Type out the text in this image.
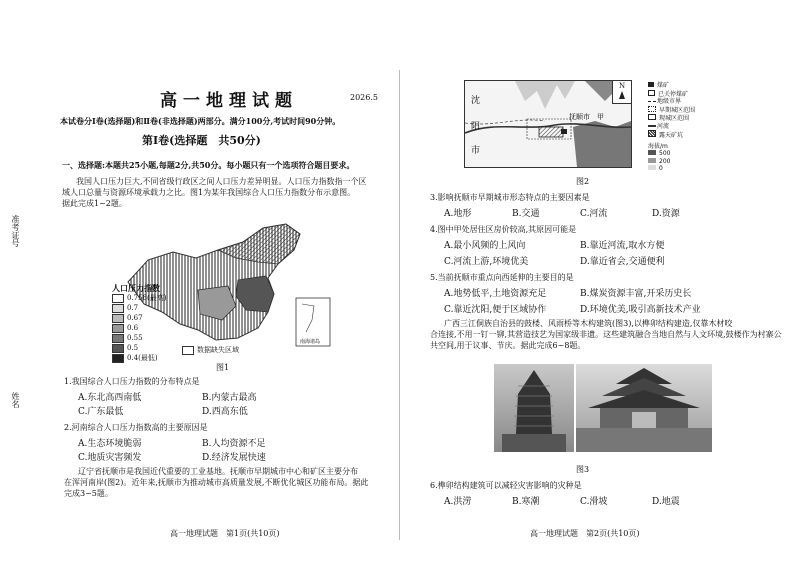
准考证号
姓名
高一地理试题	2026.5
本试卷分Ⅰ卷(选择题)和Ⅱ卷(非选择题)两部分。满分100分,考试时间90分钟。
第Ⅰ卷(选择题　共50分)
一、选择题:本题共25小题,每题2分,共50分。每小题只有一个选项符合题目要求。
我国人口压力巨大,不同省级行政区之间人口压力差异明显。人口压力指数指一个区
域人口总量与资源环境承载力之比。图1为某年我国综合人口压力指数分布示意图。
据此完成1~2题。
南海诸岛
人口压力指数
0.758(最高)
0.7
0.67
0.6
0.55
0.5
0.4(最低)
数据缺失区域
图1
1.我国综合人口压力指数的分布特点是
A.东北高西南低	B.内蒙古最高
C.广东最低	D.西高东低
2.河南综合人口压力指数高的主要原因是
A.生态环境脆弱	B.人均资源不足
C.地质灾害频发	D.经济发展快速
辽宁省抚顺市是我国近代重要的工业基地。抚顺市早期城市中心和矿区主要分布
在浑河南岸(图2)。近年来,抚顺市为推动城市高质量发展,不断优化城区功能布局。据此
完成3~5题。
高一地理试题　第1页(共10页)
沈
阳
市
抚顺市 甲
N	煤矿
已关停煤矿
地级市界
早期城区范围
现城区范围
河流
露天矿坑
海拔/m
500
200
0
图2
3.影响抚顺市早期城市形态特点的主要因素是
A.地形	B.交通	C.河流	D.资源
4.图中甲处居住区房价较高,其原因可能是
A.最小风频的上风向	B.靠近河流,取水方便
C.河流上游,环境优美	D.靠近省会,交通便利
5.当前抚顺市重点向西延伸的主要目的是
A.地势低平,土地资源充足	B.煤炭资源丰富,开采历史长
C.靠近沈阳,便于区域协作	D.环境优美,吸引高新技术产业
广西三江侗族自治县的鼓楼、风雨桥等木构建筑(图3),以榫卯结构建造,仅靠木材咬
合连接,不用一钉一铆,其营造技艺为国家级非遗。这些建筑融合当地自然与人文环境,鼓楼作为村寨公
共空间,用于议事、节庆。据此完成6~8题。
图3
6.榫卯结构建筑可以减轻灾害影响的灾种是
A.洪涝	B.寒潮	C.滑坡	D.地震
高一地理试题　第2页(共10页)
